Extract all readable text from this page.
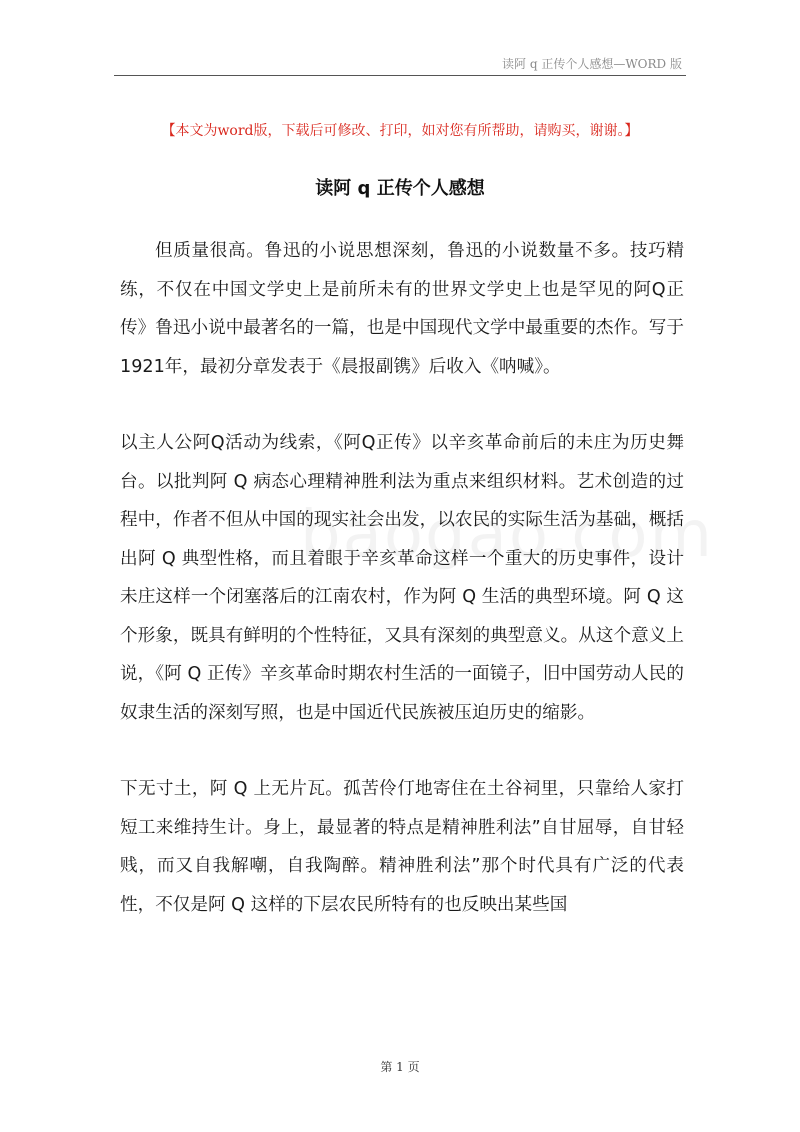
读阿 q 正传个人感想—WORD 版
【本文为word版，下载后可修改、打印，如对您有所帮助，请购买，谢谢。】
读阿 q 正传个人感想

但质量很高。鲁迅的小说思想深刻，鲁迅的小说数量不多。技巧精练，不仅在中国文学史上是前所未有的世界文学史上也是罕见的阿Q正传》鲁迅小说中最著名的一篇，也是中国现代文学中最重要的杰作。写于1921年，最初分章发表于《晨报副镌》后收入《呐喊》。

以主人公阿Q活动为线索，《阿Q正传》以辛亥革命前后的未庄为历史舞台。以批判阿 Q 病态心理精神胜利法为重点来组织材料。艺术创造的过程中，作者不但从中国的现实社会出发，以农民的实际生活为基础，概括出阿 Q 典型性格，而且着眼于辛亥革命这样一个重大的历史事件，设计未庄这样一个闭塞落后的江南农村，作为阿 Q 生活的典型环境。阿 Q 这个形象，既具有鲜明的个性特征，又具有深刻的典型意义。从这个意义上说，《阿 Q 正传》辛亥革命时期农村生活的一面镜子，旧中国劳动人民的奴隶生活的深刻写照，也是中国近代民族被压迫历史的缩影。

下无寸土，阿 Q 上无片瓦。孤苦伶仃地寄住在土谷祠里，只靠给人家打短工来维持生计。身上，最显著的特点是精神胜利法”自甘屈辱，自甘轻贱，而又自我解嘲，自我陶醉。精神胜利法”那个时代具有广泛的代表性，不仅是阿 Q 这样的下层农民所特有的也反映出某些国

第 1 页
